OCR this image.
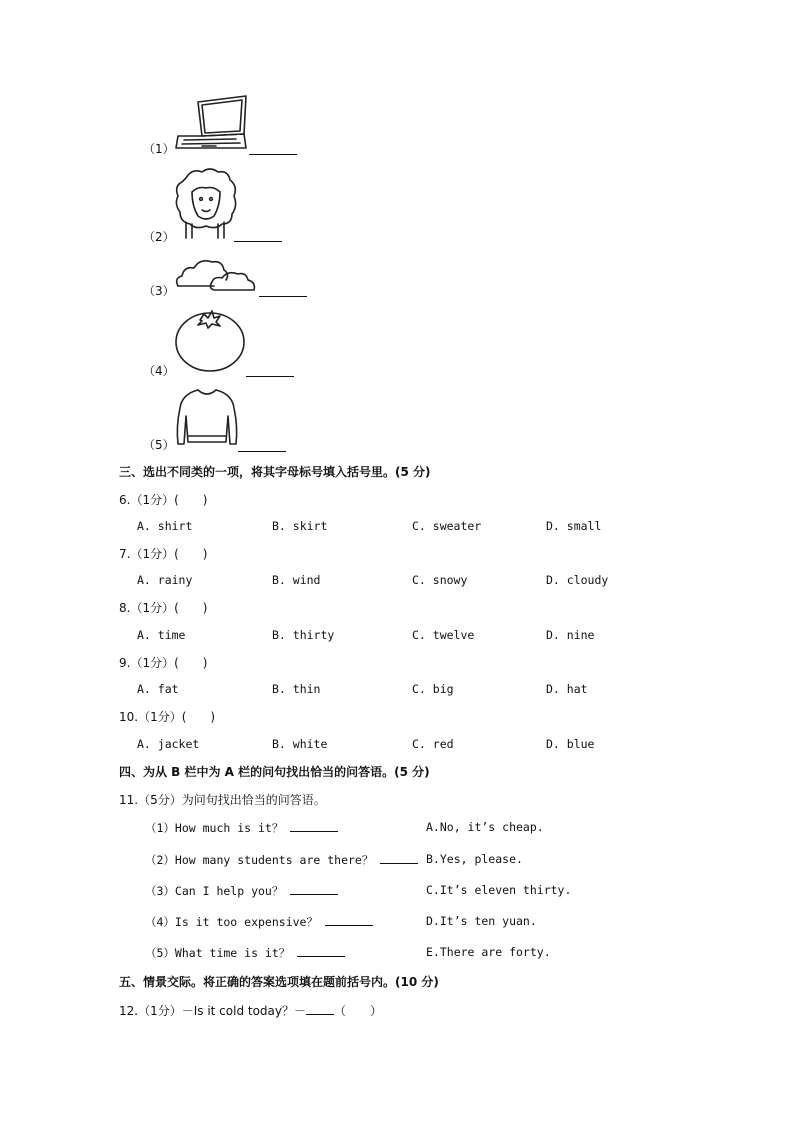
（1）
（2）
（3）
（4）
（5）
三、选出不同类的一项，将其字母标号填入括号里。(5 分)
6.（1分）(　　)
A. shirt	B. skirt	C. sweater	D. small
7.（1分）(　　)
A. rainy	B. wind	C. snowy	D. cloudy
8.（1分）(　　)
A. time	B. thirty	C. twelve	D. nine
9.（1分）(　　)
A. fat	B. thin	C. big	D. hat
10.（1分）(　　)
A. jacket	B. white	C. red	D. blue
四、为从 B 栏中为 A 栏的问句找出恰当的问答语。(5 分)
11.（5分）为问句找出恰当的问答语。
（1）How much is it？	A.No, it’s cheap.
（2）How many students are there？	B.Yes, please.
（3）Can I help you？	C.It’s eleven thirty.
（4）Is it too expensive？	D.It’s ten yuan.
（5）What time is it？	E.There are forty.
五、情景交际。将正确的答案选项填在题前括号内。(10 分)
12.（1分）－Is it cold today？－ （　　）
